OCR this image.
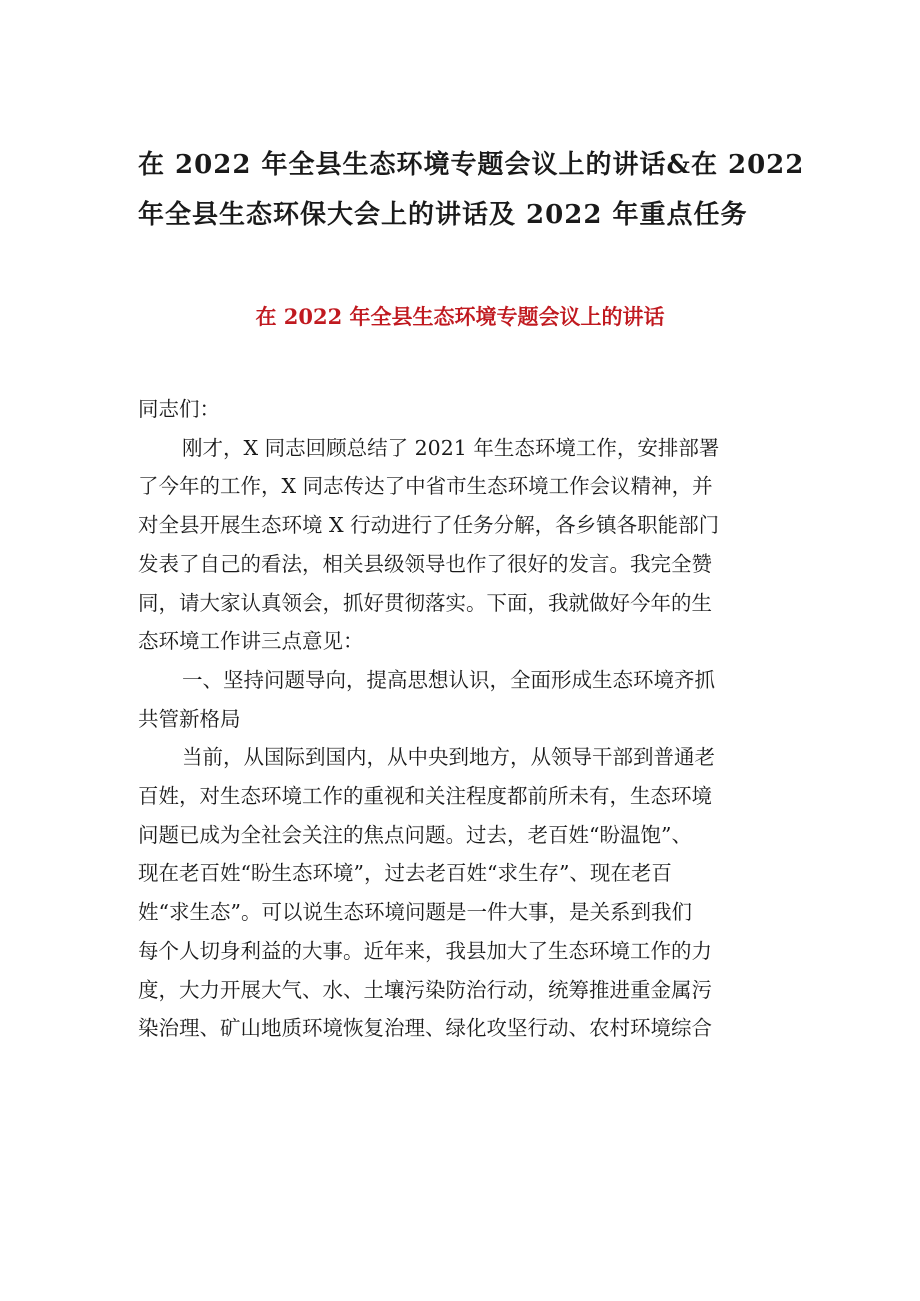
在 2022 年全县生态环境专题会议上的讲话&在 2022
年全县生态环保大会上的讲话及 2022 年重点任务
在 2022 年全县生态环境专题会议上的讲话

同志们：

刚才，X 同志回顾总结了 2021 年生态环境工作，安排部署
了今年的工作，X 同志传达了中省市生态环境工作会议精神，并
对全县开展生态环境 X 行动进行了任务分解，各乡镇各职能部门
发表了自己的看法，相关县级领导也作了很好的发言。我完全赞
同，请大家认真领会，抓好贯彻落实。下面，我就做好今年的生
态环境工作讲三点意见：

一、坚持问题导向，提高思想认识，全面形成生态环境齐抓
共管新格局

当前，从国际到国内，从中央到地方，从领导干部到普通老
百姓，对生态环境工作的重视和关注程度都前所未有，生态环境
问题已成为全社会关注的焦点问题。过去，老百姓“盼温饱”、
现在老百姓“盼生态环境”，过去老百姓“求生存”、现在老百
姓“求生态”。可以说生态环境问题是一件大事，是关系到我们
每个人切身利益的大事。近年来，我县加大了生态环境工作的力
度，大力开展大气、水、土壤污染防治行动，统筹推进重金属污
染治理、矿山地质环境恢复治理、绿化攻坚行动、农村环境综合
